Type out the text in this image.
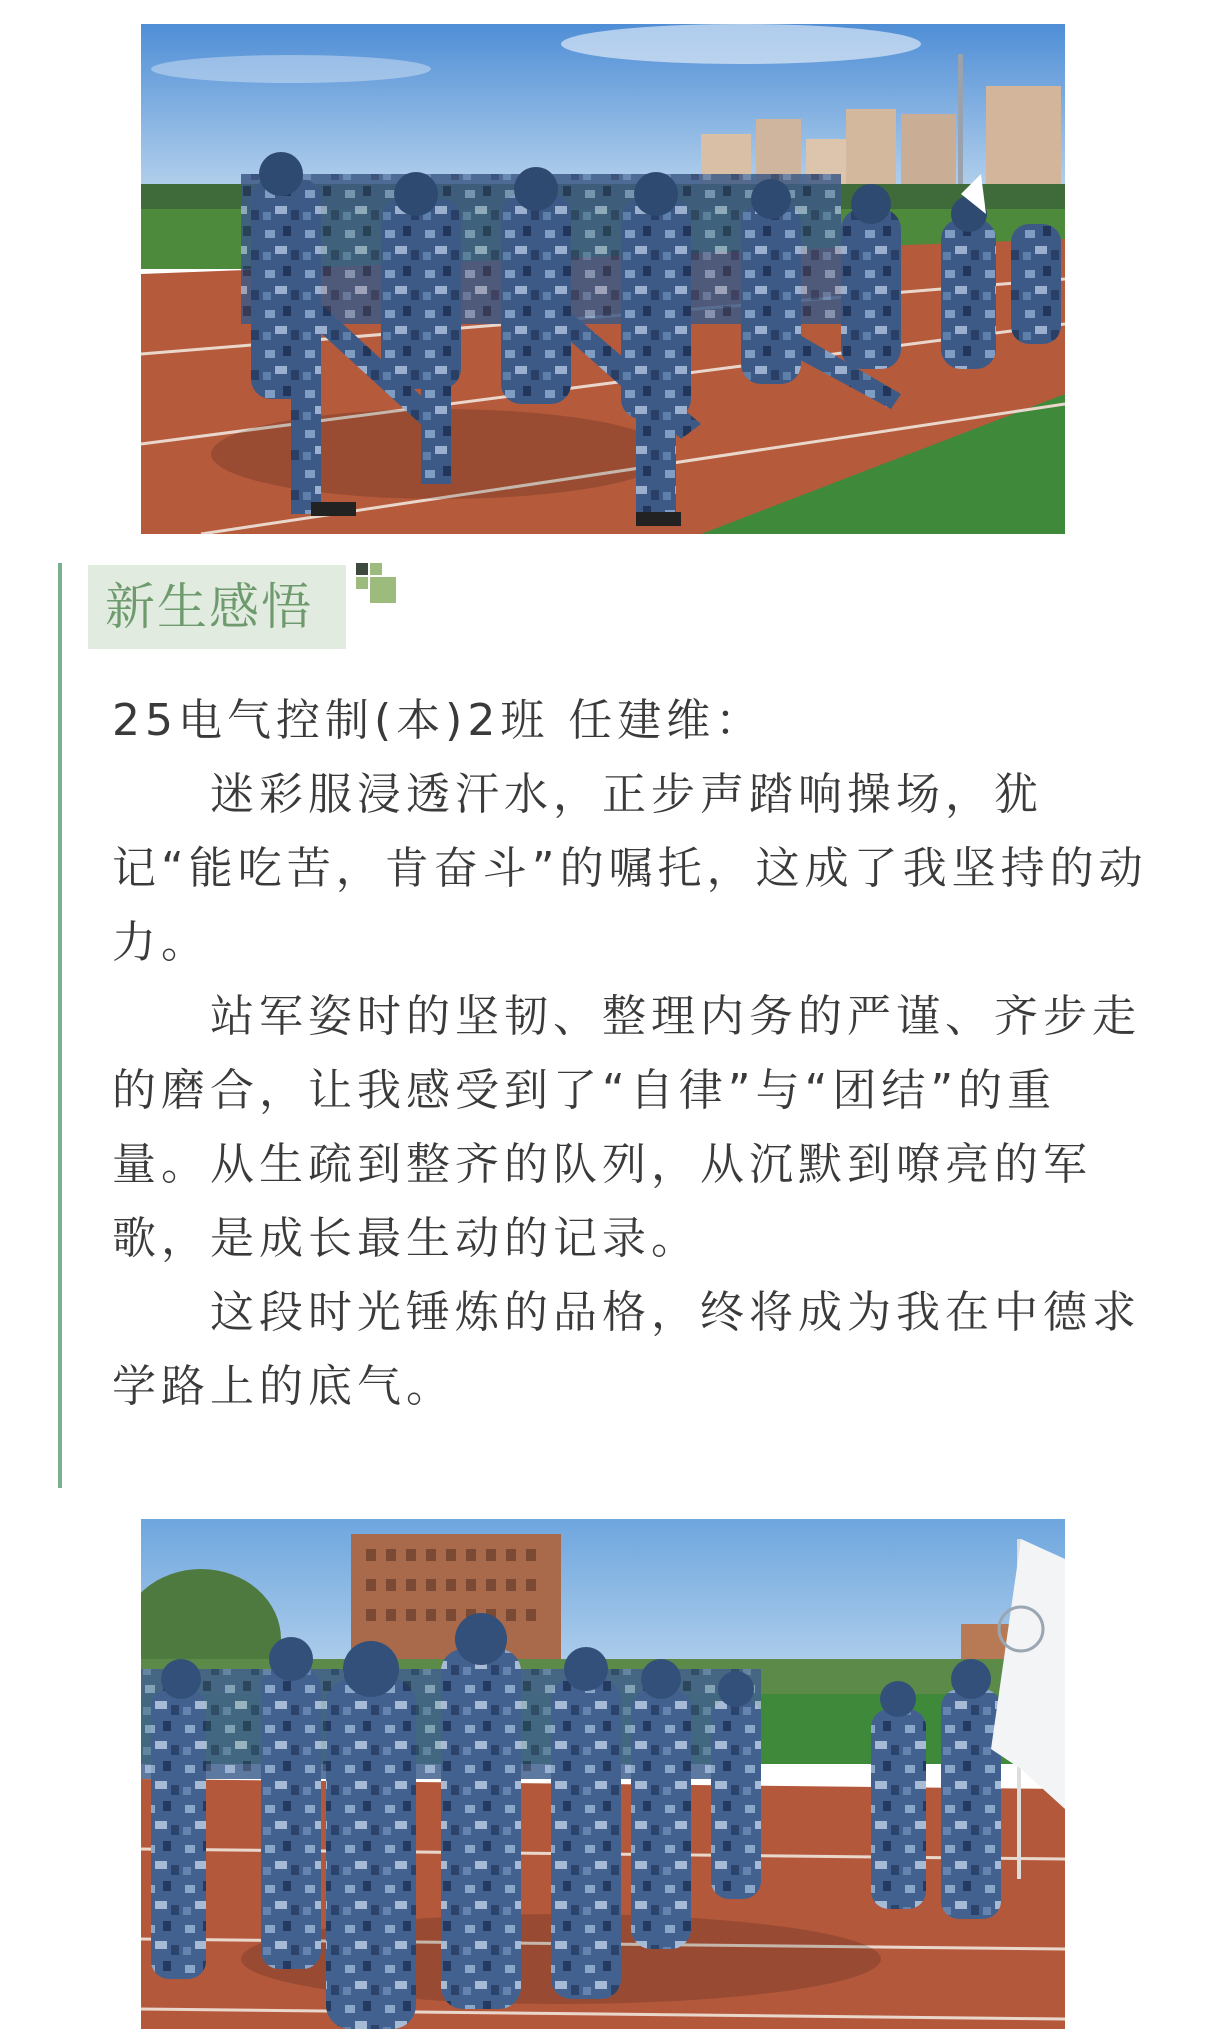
新生感悟

25电气控制(本)2班 任建维：

迷彩服浸透汗水，正步声踏响操场，犹记“能吃苦，肯奋斗”的嘱托，这成了我坚持的动力。

站军姿时的坚韧、整理内务的严谨、齐步走的磨合，让我感受到了“自律”与“团结”的重量。从生疏到整齐的队列，从沉默到嘹亮的军歌，是成长最生动的记录。

这段时光锤炼的品格，终将成为我在中德求学路上的底气。
